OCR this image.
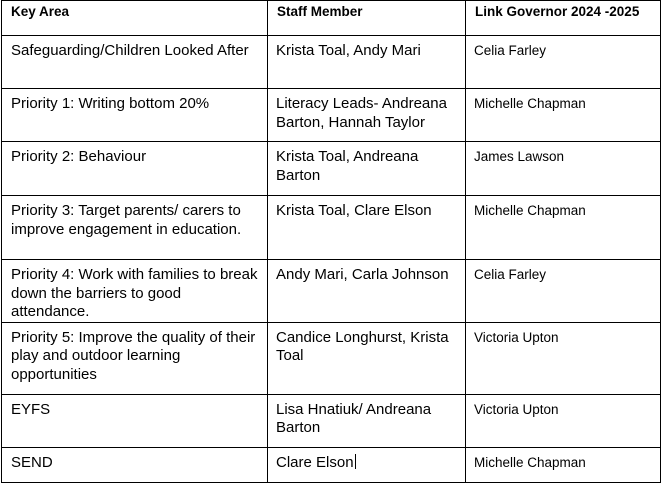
Key Area	Staff Member	Link Governor 2024 -2025
Safeguarding/Children Looked After	Krista Toal, Andy Mari	Celia Farley
Priority 1: Writing bottom 20%	Literacy Leads- Andreana Barton, Hannah Taylor	Michelle Chapman
Priority 2: Behaviour	Krista Toal, Andreana Barton	James Lawson
Priority 3: Target parents/ carers to improve engagement in education.	Krista Toal, Clare Elson	Michelle Chapman
Priority 4: Work with families to break down the barriers to good attendance.	Andy Mari, Carla Johnson	Celia Farley
Priority 5: Improve the quality of their play and outdoor learning opportunities	Candice Longhurst, Krista Toal	Victoria Upton
EYFS	Lisa Hnatiuk/ Andreana Barton	Victoria Upton
SEND	Clare Elson	Michelle Chapman
